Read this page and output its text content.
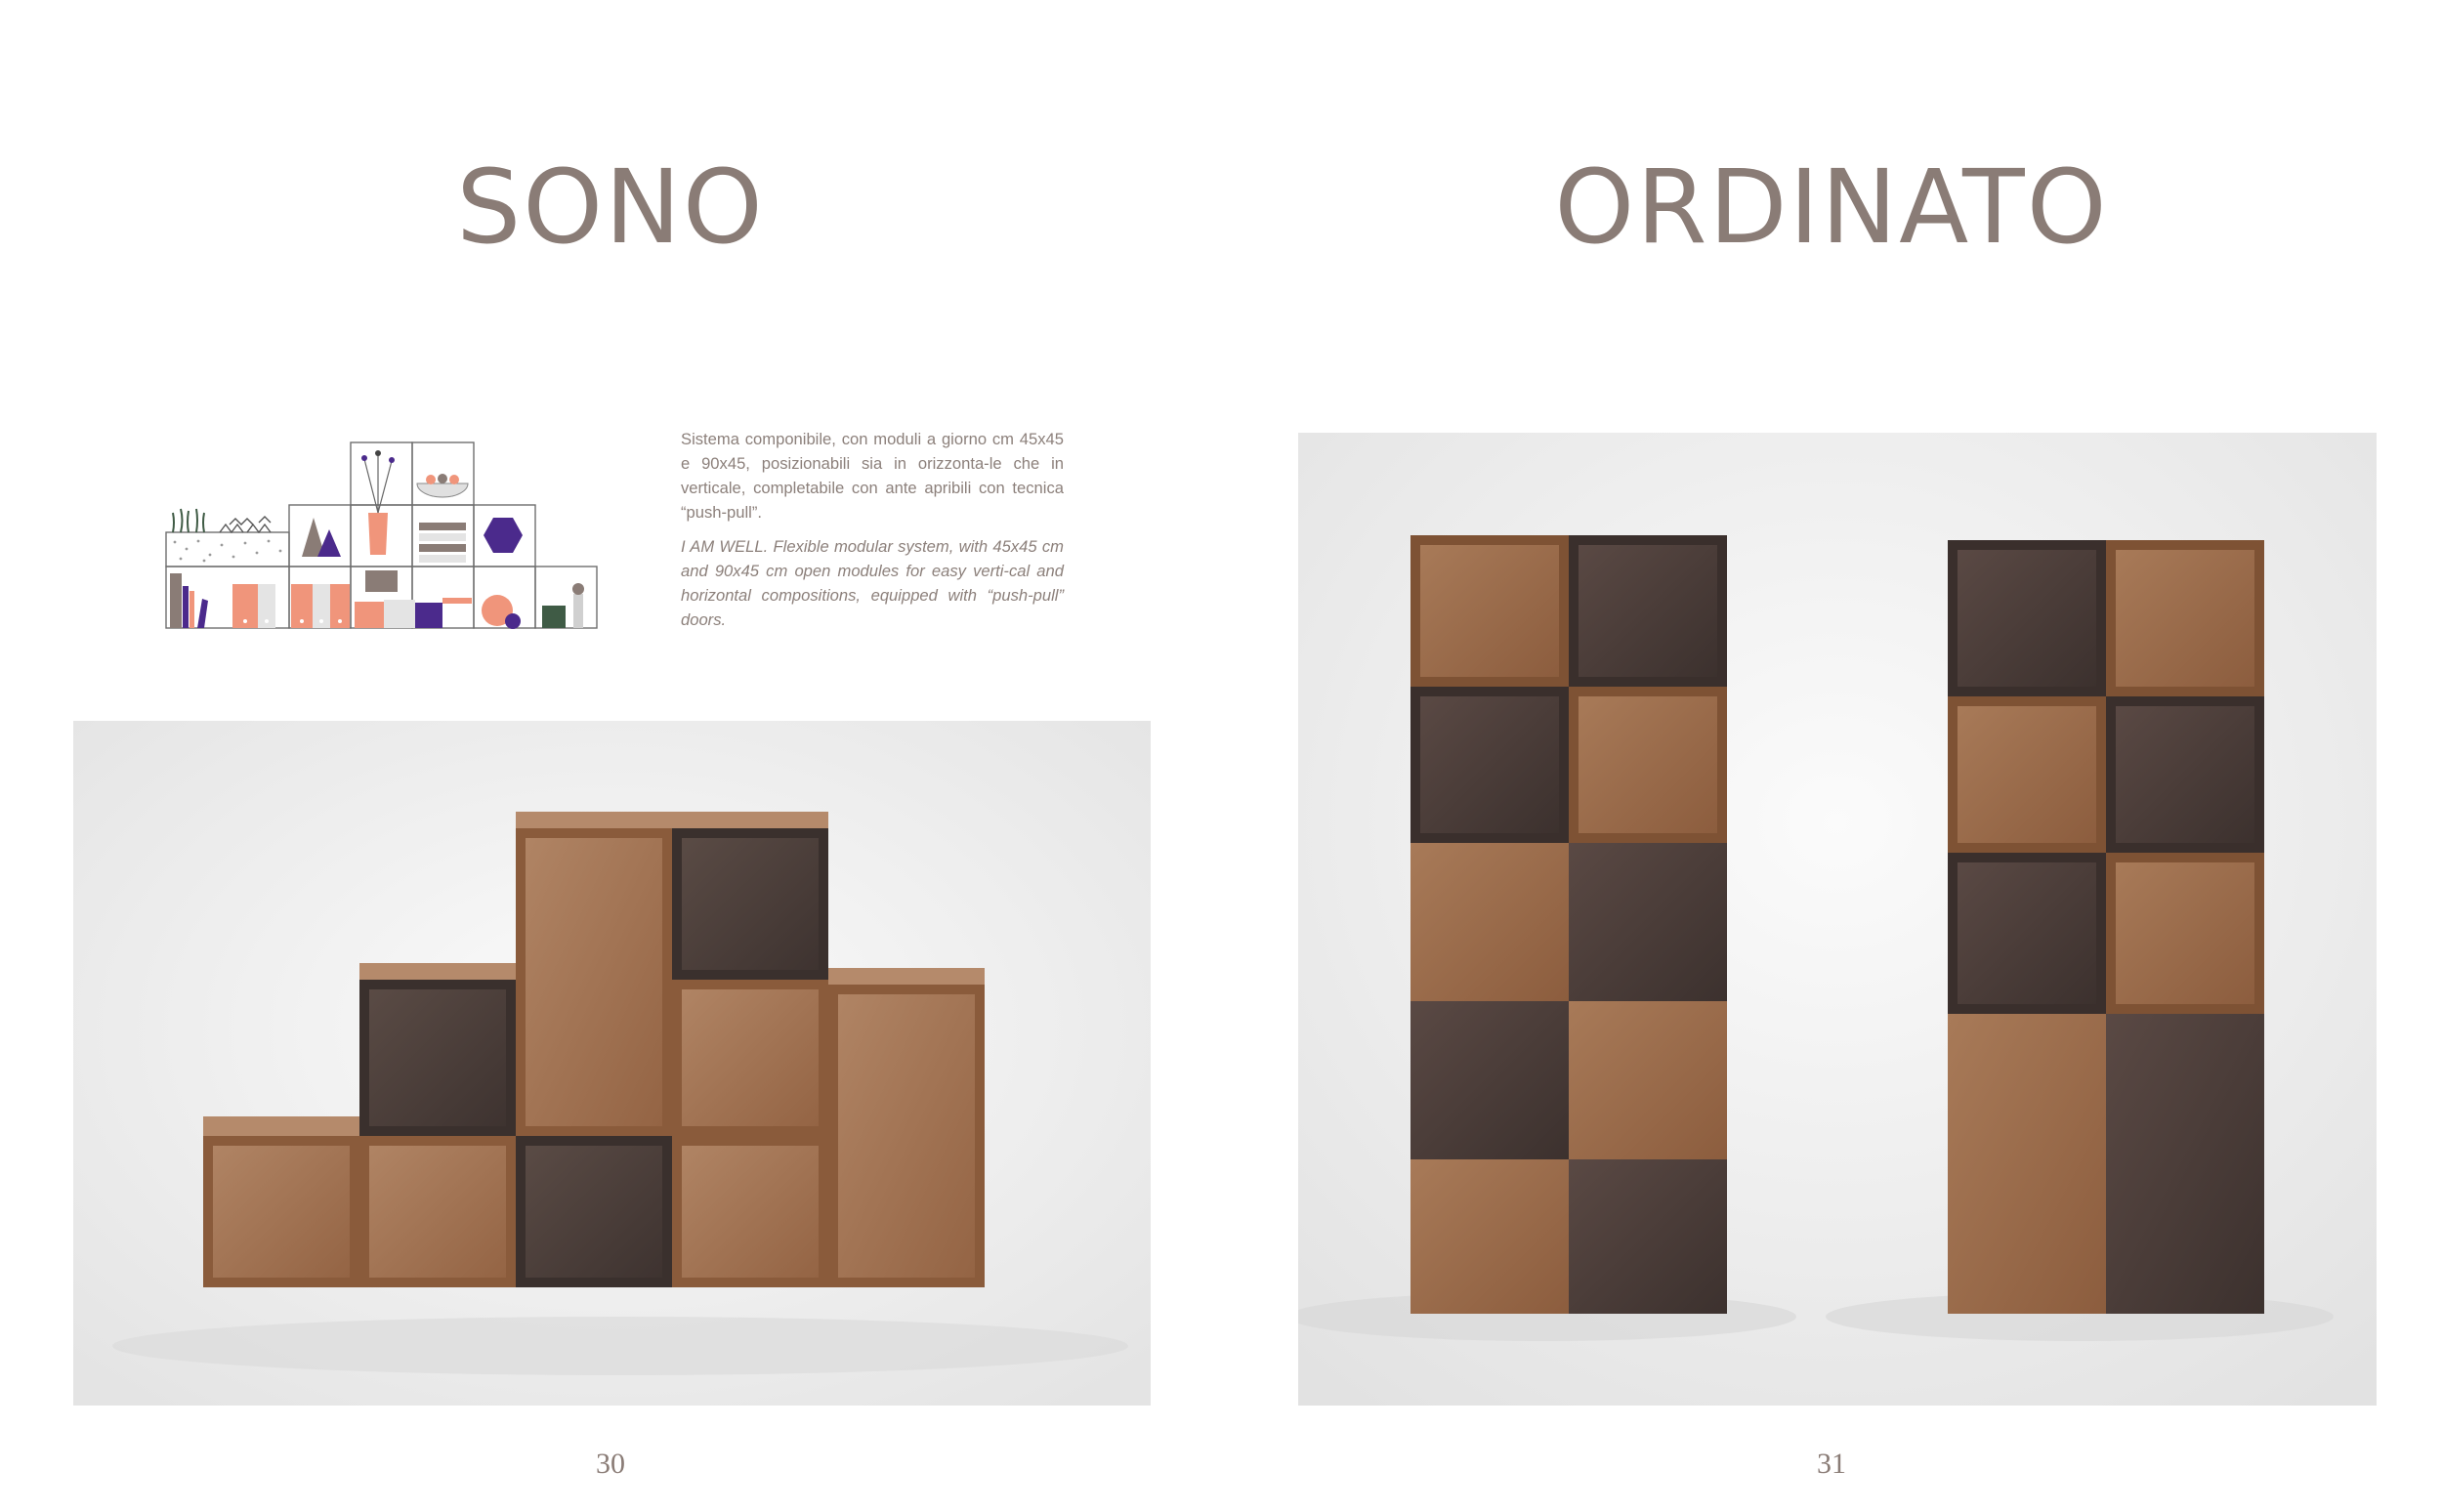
SONO

Sistema componibile, con moduli a giorno cm 45x45 e 90x45, posizionabili sia in orizzonta-le che in verticale, completabile con ante apribili con tecnica “push-pull”.

I AM WELL. Flexible modular system, with 45x45 cm and 90x45 cm open modules for easy verti-cal and horizontal compositions, equipped with “push-pull” doors.

30
ORDINATO
31
